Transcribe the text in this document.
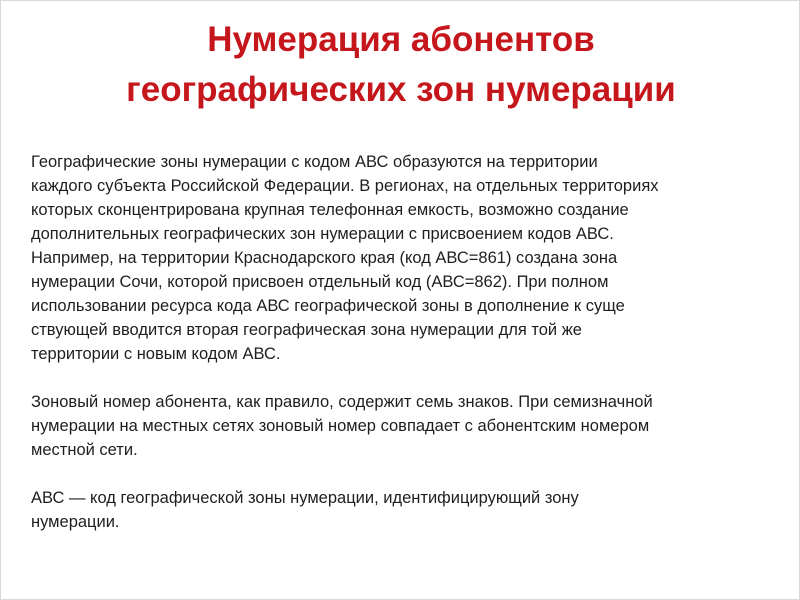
Нумерация абонентов
географических зон нумерации

Географические зоны нумерации с кодом АВС образуются на территории
каждого субъекта Российской Федерации. В регионах, на отдельных территориях
которых сконцентрирована крупная телефонная емкость, возможно создание
дополнительных географических зон нумерации с присвоением кодов АВС.
Например, на территории Краснодарского края (код АВС=861) создана зона
нумерации Сочи, которой присвоен отдельный код (АВС=862). При полном
использовании ресурса кода АВС географической зоны в дополнение к суще
ствующей вводится вторая географическая зона нумерации для той же
территории с новым кодом АВС.

Зоновый номер абонента, как правило, содержит семь знаков. При семизначной
нумерации на местных сетях зоновый номер совпадает с абонентским номером
местной сети.

АВС — код географической зоны нумерации, идентифицирующий зону
нумерации.
